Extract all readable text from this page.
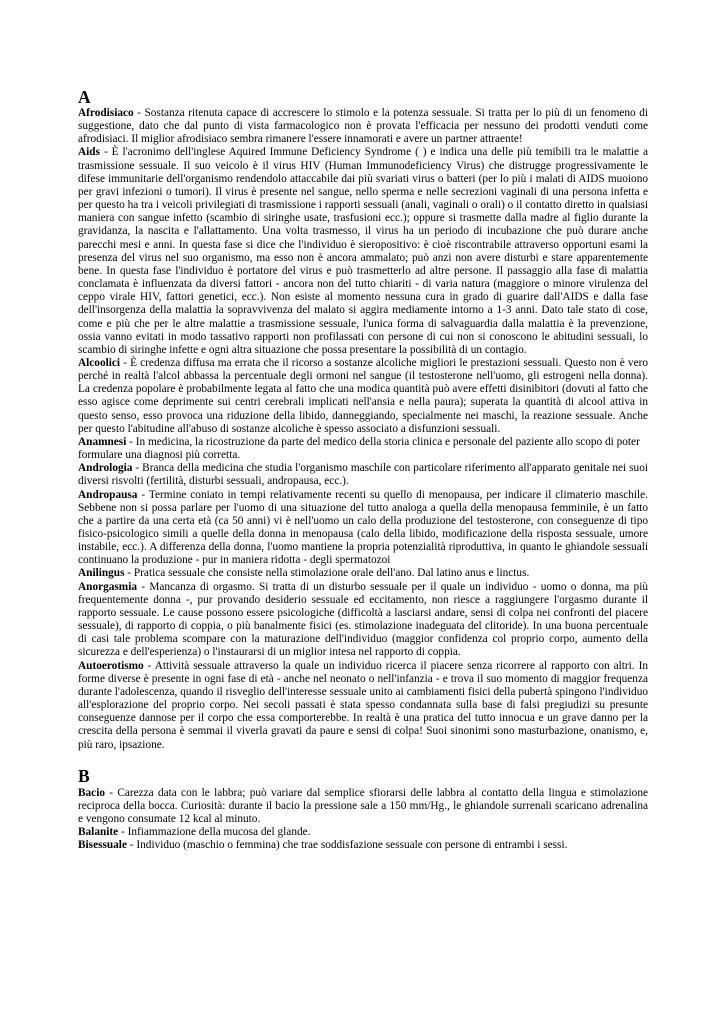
A

Afrodisiaco - Sostanza ritenuta capace di accrescere lo stimolo e la potenza sessuale. Si tratta per lo più di un fenomeno di suggestione, dato che dal punto di vista farmacologico non è provata l'efficacia per nessuno dei prodotti venduti come afrodisiaci. Il miglior afrodisiaco sembra rimanere l'essere innamorati e avere un partner attraente!

Aids - È l'acronimo dell'inglese Aquired Immune Deficiency Syndrome ( ) e indica una delle più temibili tra le malattie a trasmissione sessuale. Il suo veicolo è il virus HIV (Human Immunodeficiency Virus) che distrugge progressivamente le difese immunitarie dell'organismo rendendolo attaccabile dai più svariati virus o batteri (per lo più i malati di AIDS muoiono per gravi infezioni o tumori). Il virus è presente nel sangue, nello sperma e nelle secrezioni vaginali di una persona infetta e per questo ha tra i veicoli privilegiati di trasmissione i rapporti sessuali (anali, vaginali o orali) o il contatto diretto in qualsiasi maniera con sangue infetto (scambio di siringhe usate, trasfusioni ecc.); oppure si trasmette dalla madre al figlio durante la gravidanza, la nascita e l'allattamento. Una volta trasmesso, il virus ha un periodo di incubazione che può durare anche parecchi mesi e anni. In questa fase si dice che l'individuo è sieropositivo: è cioè riscontrabile attraverso opportuni esami la presenza del virus nel suo organismo, ma esso non è ancora ammalato; può anzi non avere disturbi e stare apparentemente bene. In questa fase l'individuo è portatore del virus e può trasmetterlo ad altre persone. Il passaggio alla fase di malattia conclamata è influenzata da diversi fattori - ancora non del tutto chiariti - di varia natura (maggiore o minore virulenza del ceppo virale HIV, fattori genetici, ecc.). Non esiste al momento nessuna cura in grado di guarire dall'AIDS e dalla fase dell'insorgenza della malattia la sopravvivenza del malato si aggira mediamente intorno a 1-3 anni. Dato tale stato di cose, come e più che per le altre malattie a trasmissione sessuale, l'unica forma di salvaguardia dalla malattia è la prevenzione, ossia vanno evitati in modo tassativo rapporti non profilassati con persone di cui non si conoscono le abitudini sessuali, lo scambio di siringhe infette e ogni altra situazione che possa presentare la possibilità di un contagio.

Alcoolici - È credenza diffusa ma errata che il ricorso a sostanze alcoliche migliori le prestazioni sessuali. Questo non è vero perché in realtà l'alcol abbassa la percentuale degli ormoni nel sangue (il testosterone nell'uomo, gli estrogeni nella donna). La credenza popolare è probabilmente legata al fatto che una modica quantità può avere effetti disinibitori (dovuti al fatto che esso agisce come deprimente sui centri cerebrali implicati nell'ansia e nella paura); superata la quantità di alcool attiva in questo senso, esso provoca una riduzione della libido, danneggiando, specialmente nei maschi, la reazione sessuale. Anche per questo l'abitudine all'abuso di sostanze alcoliche è spesso associato a disfunzioni sessuali.

Anamnesi - In medicina, la ricostruzione da parte del medico della storia clinica e personale del paziente allo scopo di poter formulare una diagnosi più corretta.

Andrologia - Branca della medicina che studia l'organismo maschile con particolare riferimento all'apparato genitale nei suoi diversi risvolti (fertilità, disturbi sessuali, andropausa, ecc.).

Andropausa - Termine coniato in tempi relativamente recenti su quello di menopausa, per indicare il climaterio maschile. Sebbene non si possa parlare per l'uomo di una situazione del tutto analoga a quella della menopausa femminile, è un fatto che a partire da una certa età (ca 50 anni) vi è nell'uomo un calo della produzione del testosterone, con conseguenze di tipo fisico-psicologico simili a quelle della donna in menopausa (calo della libido, modificazione della risposta sessuale, umore instabile, ecc.). A differenza della donna, l'uomo mantiene la propria potenzialità riproduttiva, in quanto le ghiandole sessuali continuano la produzione - pur in maniera ridotta - degli spermatozoi

Anilingus - Pratica sessuale che consiste nella stimolazione orale dell'ano. Dal latino anus e linctus.

Anorgasmia - Mancanza di orgasmo. Si tratta di un disturbo sessuale per il quale un individuo - uomo o donna, ma più frequentemente donna -, pur provando desiderio sessuale ed eccitamento, non riesce a raggiungere l'orgasmo durante il rapporto sessuale. Le cause possono essere psicologiche (difficoltà a lasciarsi andare, sensi di colpa nei confronti del piacere sessuale), di rapporto di coppia, o più banalmente fisici (es. stimolazione inadeguata del clitoride). In una buona percentuale di casi tale problema scompare con la maturazione dell'individuo (maggior confidenza col proprio corpo, aumento della sicurezza e dell'esperienza) o l'instaurarsi di un miglior intesa nel rapporto di coppia.

Autoerotismo - Attività sessuale attraverso la quale un individuo ricerca il piacere senza ricorrere al rapporto con altri. In forme diverse è presente in ogni fase di età - anche nel neonato o nell'infanzia - e trova il suo momento di maggior frequenza durante l'adolescenza, quando il risveglio dell'interesse sessuale unito ai cambiamenti fisici della pubertà spingono l'individuo all'esplorazione del proprio corpo. Nei secoli passati è stata spesso condannata sulla base di falsi pregiudizi su presunte conseguenze dannose per il corpo che essa comporterebbe. In realtà è una pratica del tutto innocua e un grave danno per la crescita della persona è semmai il viverla gravati da paure e sensi di colpa! Suoi sinonimi sono masturbazione, onanismo, e, più raro, ipsazione.

B

Bacio - Carezza data con le labbra; può variare dal semplice sfiorarsi delle labbra al contatto della lingua e stimolazione reciproca della bocca. Curiosità: durante il bacio la pressione sale a 150 mm/Hg., le ghiandole surrenali scaricano adrenalina e vengono consumate 12 kcal al minuto.

Balanite - Infiammazione della mucosa del glande.

Bisessuale - Individuo (maschio o femmina) che trae soddisfazione sessuale con persone di entrambi i sessi.
